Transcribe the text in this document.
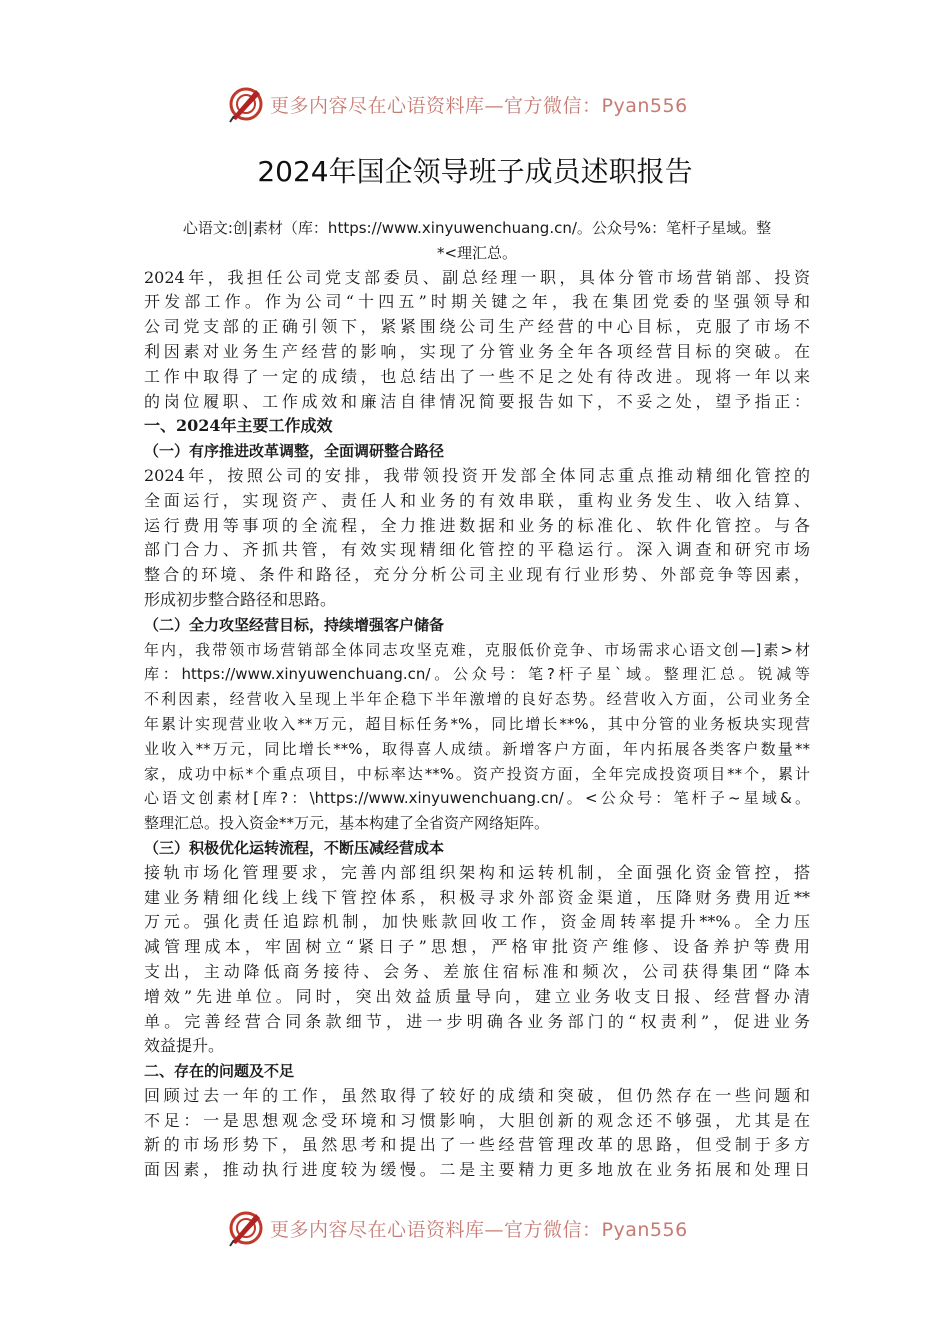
更多内容尽在心语资料库—官方微信：Pyan556
2024年国企领导班子成员述职报告
心语文:创|素材（库：https://www.xinyuwenchuang.cn/。公众号%：笔杆子星域。整
*<理汇总。
2024年，我担任公司党支部委员、副总经理一职，具体分管市场营销部、投资
开发部工作。作为公司“十四五”时期关键之年，我在集团党委的坚强领导和
公司党支部的正确引领下，紧紧围绕公司生产经营的中心目标，克服了市场不
利因素对业务生产经营的影响，实现了分管业务全年各项经营目标的突破。在
工作中取得了一定的成绩，也总结出了一些不足之处有待改进。现将一年以来
的岗位履职、工作成效和廉洁自律情况简要报告如下，不妥之处，望予指正：
一、2024年主要工作成效
（一）有序推进改革调整，全面调研整合路径
2024年，按照公司的安排，我带领投资开发部全体同志重点推动精细化管控的
全面运行，实现资产、责任人和业务的有效串联，重构业务发生、收入结算、
运行费用等事项的全流程，全力推进数据和业务的标准化、软件化管控。与各
部门合力、齐抓共管，有效实现精细化管控的平稳运行。深入调查和研究市场
整合的环境、条件和路径，充分分析公司主业现有行业形势、外部竞争等因素，
形成初步整合路径和思路。
（二）全力攻坚经营目标，持续增强客户储备
年内，我带领市场营销部全体同志攻坚克难，克服低价竞争、市场需求心语文创—]素>材
库：https://www.xinyuwenchuang.cn/。公众号：笔?杆子星`域。整理汇总。锐减等
不利因素，经营收入呈现上半年企稳下半年激增的良好态势。经营收入方面，公司业务全
年累计实现营业收入**万元，超目标任务*%，同比增长**%，其中分管的业务板块实现营
业收入**万元，同比增长**%，取得喜人成绩。新增客户方面，年内拓展各类客户数量**
家，成功中标*个重点项目，中标率达**%。资产投资方面，全年完成投资项目**个，累计
心语文创素材[库?：\https://www.xinyuwenchuang.cn/。<公众号：笔杆子~星域&。
整理汇总。投入资金**万元，基本构建了全省资产网络矩阵。
（三）积极优化运转流程，不断压减经营成本
接轨市场化管理要求，完善内部组织架构和运转机制，全面强化资金管控，搭
建业务精细化线上线下管控体系，积极寻求外部资金渠道，压降财务费用近**
万元。强化责任追踪机制，加快账款回收工作，资金周转率提升**%。全力压
减管理成本，牢固树立“紧日子”思想，严格审批资产维修、设备养护等费用
支出，主动降低商务接待、会务、差旅住宿标准和频次，公司获得集团“降本
增效”先进单位。同时，突出效益质量导向，建立业务收支日报、经营督办清
单。完善经营合同条款细节，进一步明确各业务部门的“权责利”，促进业务
效益提升。
二、存在的问题及不足
回顾过去一年的工作，虽然取得了较好的成绩和突破，但仍然存在一些问题和
不足：一是思想观念受环境和习惯影响，大胆创新的观念还不够强，尤其是在
新的市场形势下，虽然思考和提出了一些经营管理改革的思路，但受制于多方
面因素，推动执行进度较为缓慢。二是主要精力更多地放在业务拓展和处理日
更多内容尽在心语资料库—官方微信：Pyan556
